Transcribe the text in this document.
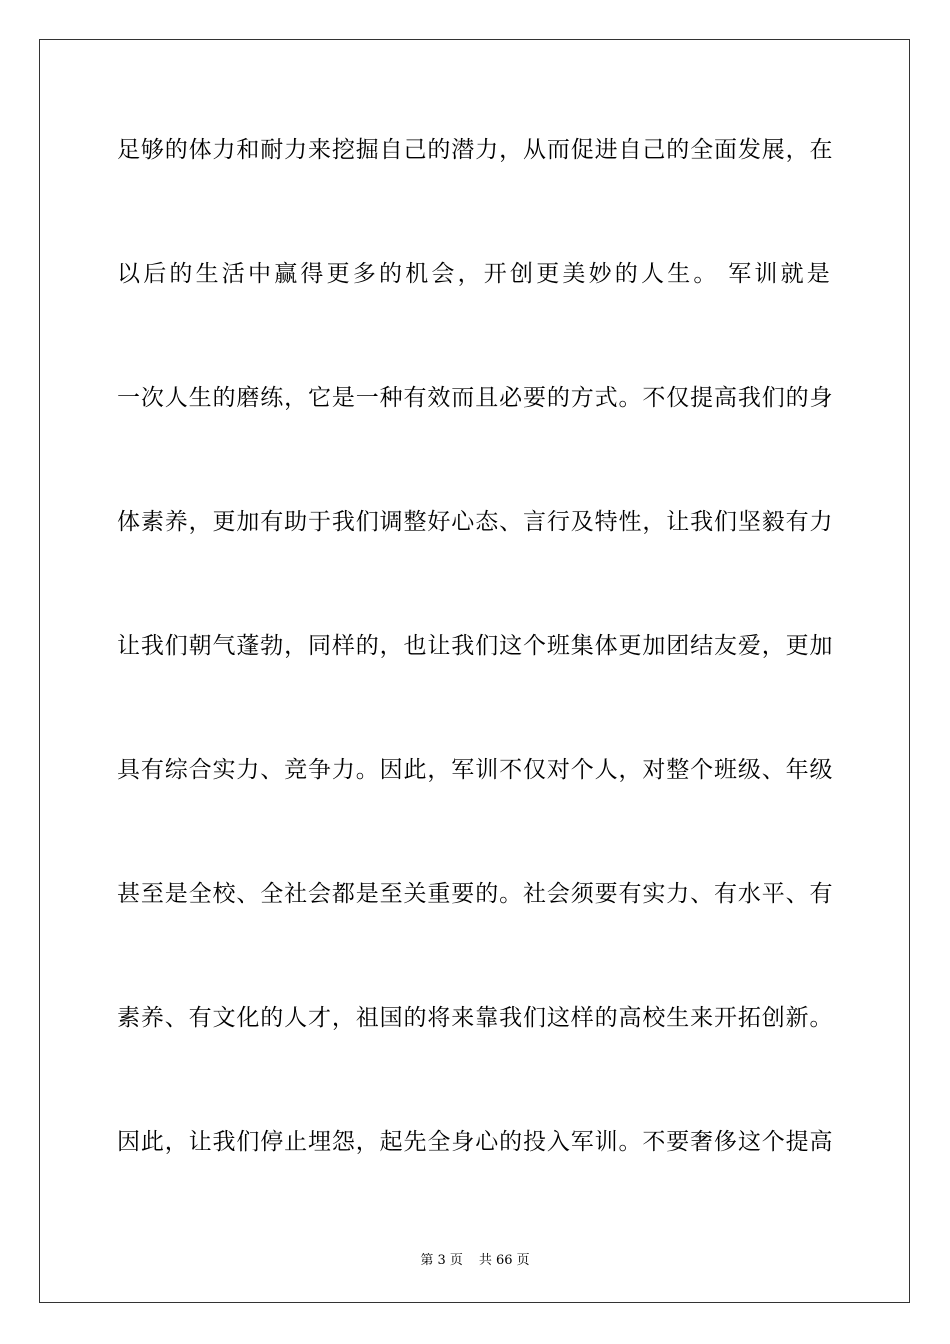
足够的体力和耐力来挖掘自己的潜力，从而促进自己的全面发展，在
以后的生活中赢得更多的机会，开创更美妙的人生。 军训就是
一次人生的磨练，它是一种有效而且必要的方式。不仅提高我们的身
体素养，更加有助于我们调整好心态、言行及特性，让我们坚毅有力
让我们朝气蓬勃，同样的，也让我们这个班集体更加团结友爱，更加
具有综合实力、竞争力。因此，军训不仅对个人，对整个班级、年级
甚至是全校、全社会都是至关重要的。社会须要有实力、有水平、有
素养、有文化的人才，祖国的将来靠我们这样的高校生来开拓创新。
因此，让我们停止埋怨，起先全身心的投入军训。不要奢侈这个提高
第 3 页 共 66 页
